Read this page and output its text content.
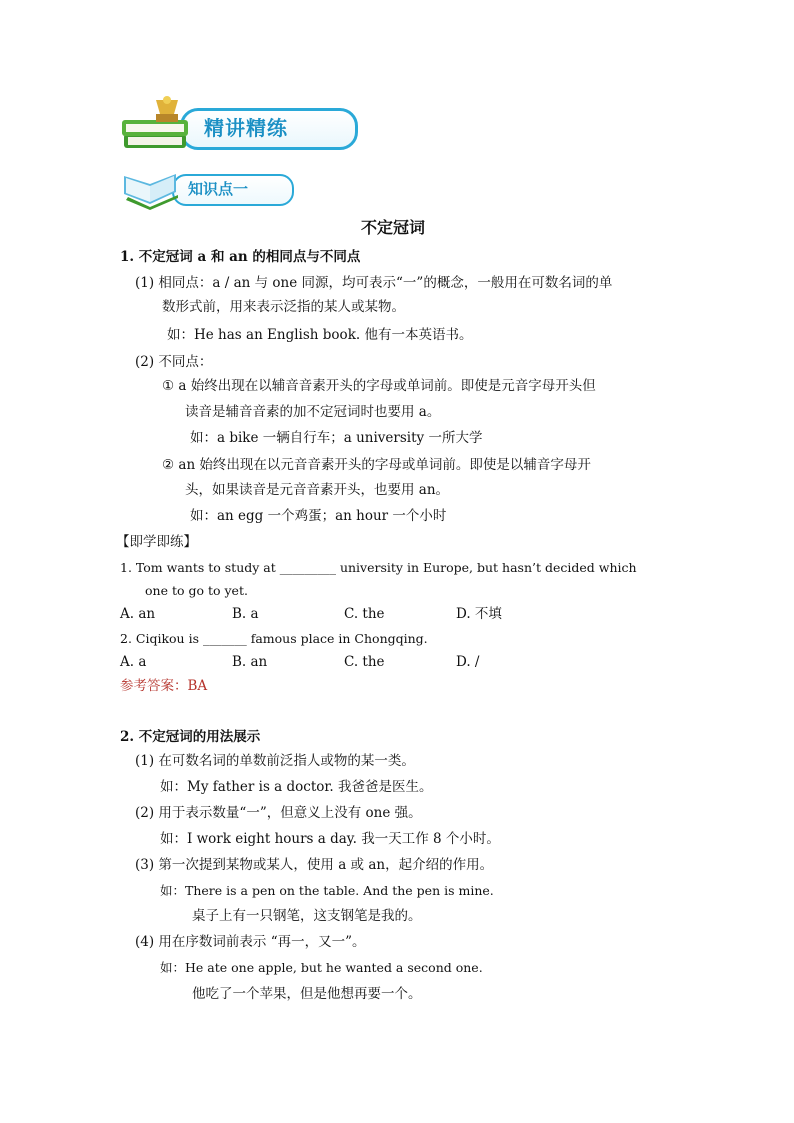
精讲精练
知识点一
不定冠词
1. 不定冠词 a 和 an 的相同点与不同点
(1) 相同点：a / an 与 one 同源，均可表示“一”的概念，一般用在可数名词的单
数形式前，用来表示泛指的某人或某物。
如：He has an English book. 他有一本英语书。
(2) 不同点：
① a 始终出现在以辅音音素开头的字母或单词前。即使是元音字母开头但
读音是辅音音素的加不定冠词时也要用 a。
如：a bike 一辆自行车；a university 一所大学
② an 始终出现在以元音音素开头的字母或单词前。即使是以辅音字母开
头，如果读音是元音音素开头，也要用 an。
如：an egg 一个鸡蛋；an hour 一个小时
【即学即练】
1. Tom wants to study at _________ university in Europe, but hasn’t decided which
one to go to yet.
A. an	B. a	C. the	D. 不填
2. Ciqikou is _______ famous place in Chongqing.
A. a	B. an	C. the	D. /
参考答案：BA
2. 不定冠词的用法展示
(1) 在可数名词的单数前泛指人或物的某一类。
如：My father is a doctor. 我爸爸是医生。
(2) 用于表示数量“一”，但意义上没有 one 强。
如：I work eight hours a day. 我一天工作 8 个小时。
(3) 第一次提到某物或某人，使用 a 或 an，起介绍的作用。
如：There is a pen on the table. And the pen is mine.
桌子上有一只钢笔，这支钢笔是我的。
(4) 用在序数词前表示 “再一，又一”。
如：He ate one apple, but he wanted a second one.
他吃了一个苹果，但是他想再要一个。
